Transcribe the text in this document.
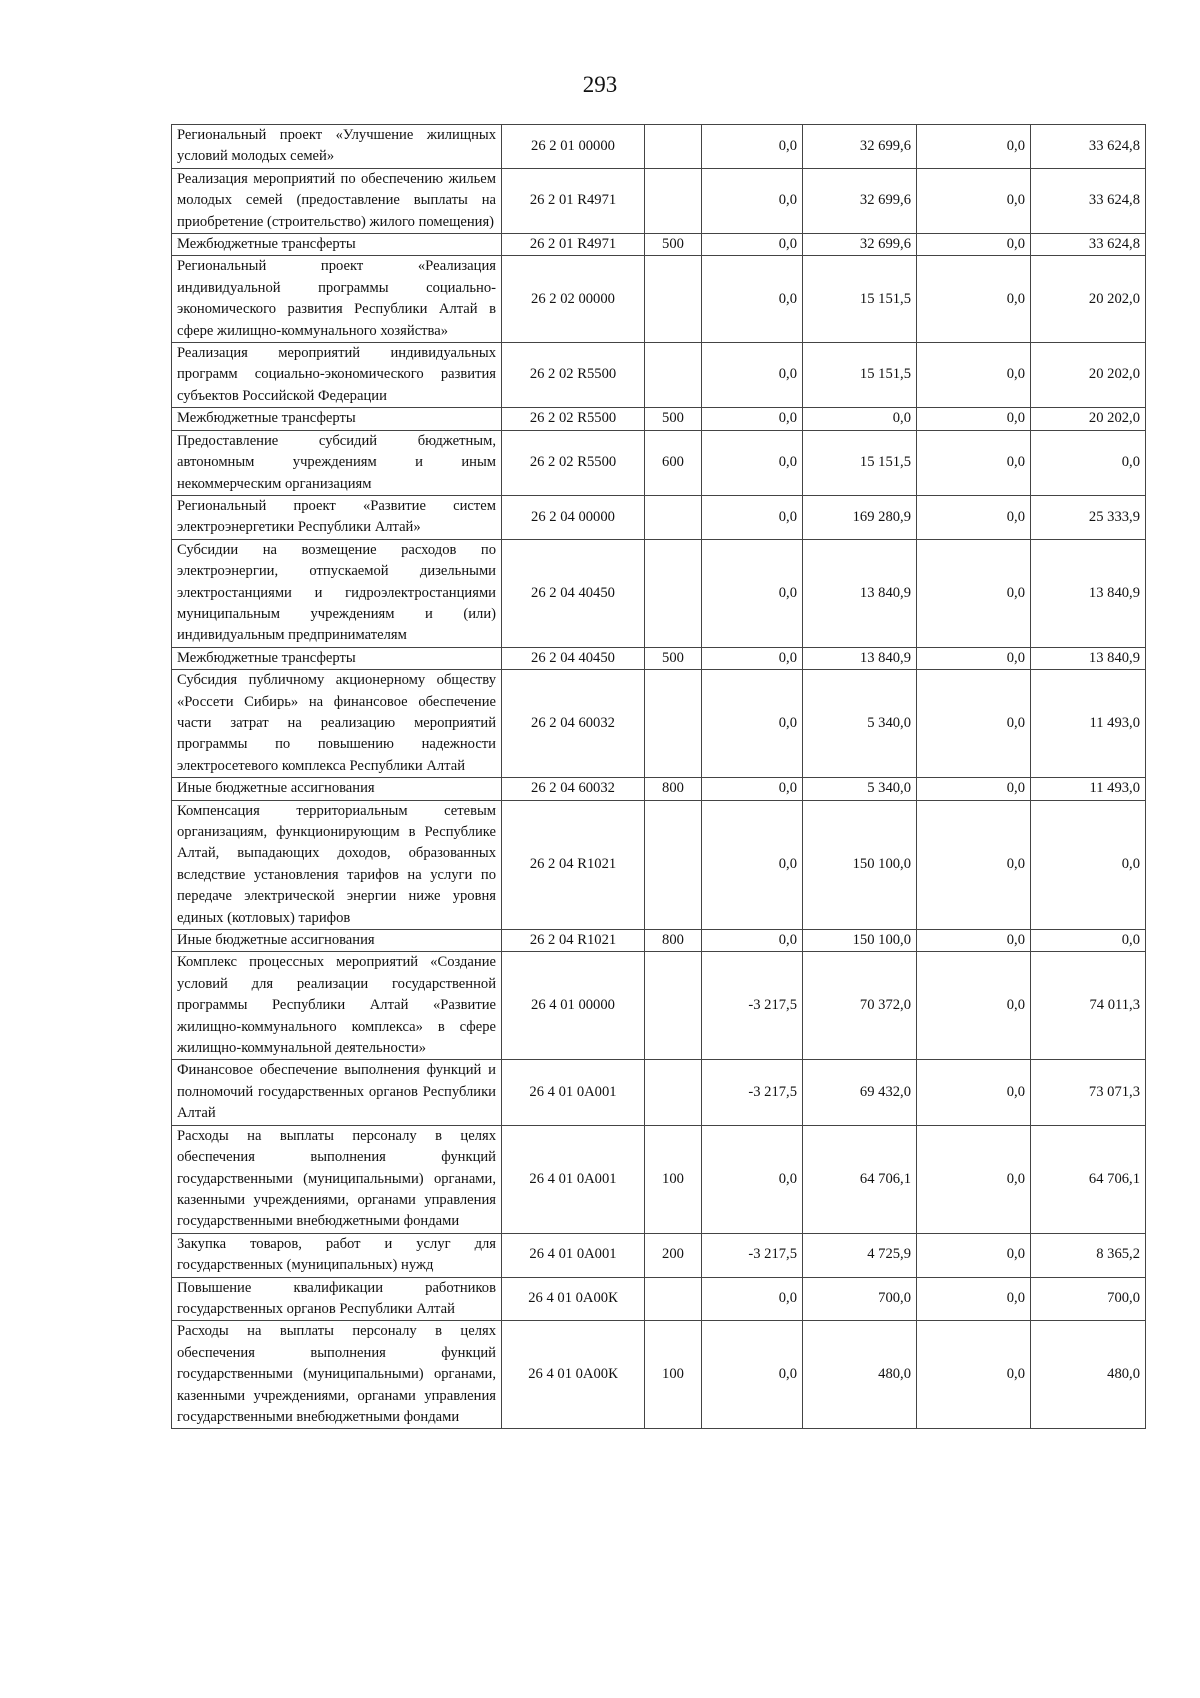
293
Региональный проект «Улучшение жилищных условий молодых семей»	26 2 01 00000		0,0	32 699,6	0,0	33 624,8
Реализация мероприятий по обеспечению жильем молодых семей (предоставление выплаты на приобретение (строительство) жилого помещения)	26 2 01 R4971		0,0	32 699,6	0,0	33 624,8
Межбюджетные трансферты	26 2 01 R4971	500	0,0	32 699,6	0,0	33 624,8
Региональный проект «Реализация индивидуальной программы социально-экономического развития Республики Алтай в сфере жилищно-коммунального хозяйства»	26 2 02 00000		0,0	15 151,5	0,0	20 202,0
Реализация мероприятий индивидуальных программ социально-экономического развития субъектов Российской Федерации	26 2 02 R5500		0,0	15 151,5	0,0	20 202,0
Межбюджетные трансферты	26 2 02 R5500	500	0,0	0,0	0,0	20 202,0
Предоставление субсидий бюджетным, автономным учреждениям и иным некоммерческим организациям	26 2 02 R5500	600	0,0	15 151,5	0,0	0,0
Региональный проект «Развитие систем электроэнергетики Республики Алтай»	26 2 04 00000		0,0	169 280,9	0,0	25 333,9
Субсидии на возмещение расходов по электроэнергии, отпускаемой дизельными электростанциями и гидроэлектростанциями муниципальным учреждениям и (или) индивидуальным предпринимателям	26 2 04 40450		0,0	13 840,9	0,0	13 840,9
Межбюджетные трансферты	26 2 04 40450	500	0,0	13 840,9	0,0	13 840,9
Субсидия публичному акционерному обществу «Россети Сибирь» на финансовое обеспечение части затрат на реализацию мероприятий программы по повышению надежности электросетевого комплекса Республики Алтай	26 2 04 60032		0,0	5 340,0	0,0	11 493,0
Иные бюджетные ассигнования	26 2 04 60032	800	0,0	5 340,0	0,0	11 493,0
Компенсация территориальным сетевым организациям, функционирующим в Республике Алтай, выпадающих доходов, образованных вследствие установления тарифов на услуги по передаче электрической энергии ниже уровня единых (котловых) тарифов	26 2 04 R1021		0,0	150 100,0	0,0	0,0
Иные бюджетные ассигнования	26 2 04 R1021	800	0,0	150 100,0	0,0	0,0
Комплекс процессных мероприятий «Создание условий для реализации государственной программы Республики Алтай «Развитие жилищно-коммунального комплекса» в сфере жилищно-коммунальной деятельности»	26 4 01 00000		-3 217,5	70 372,0	0,0	74 011,3
Финансовое обеспечение выполнения функций и полномочий государственных органов Республики Алтай	26 4 01 0А001		-3 217,5	69 432,0	0,0	73 071,3
Расходы на выплаты персоналу в целях обеспечения выполнения функций государственными (муниципальными) органами, казенными учреждениями, органами управления государственными внебюджетными фондами	26 4 01 0А001	100	0,0	64 706,1	0,0	64 706,1
Закупка товаров, работ и услуг для государственных (муниципальных) нужд	26 4 01 0А001	200	-3 217,5	4 725,9	0,0	8 365,2
Повышение квалификации работников государственных органов Республики Алтай	26 4 01 0А00К		0,0	700,0	0,0	700,0
Расходы на выплаты персоналу в целях обеспечения выполнения функций государственными (муниципальными) органами, казенными учреждениями, органами управления государственными внебюджетными фондами	26 4 01 0А00К	100	0,0	480,0	0,0	480,0
